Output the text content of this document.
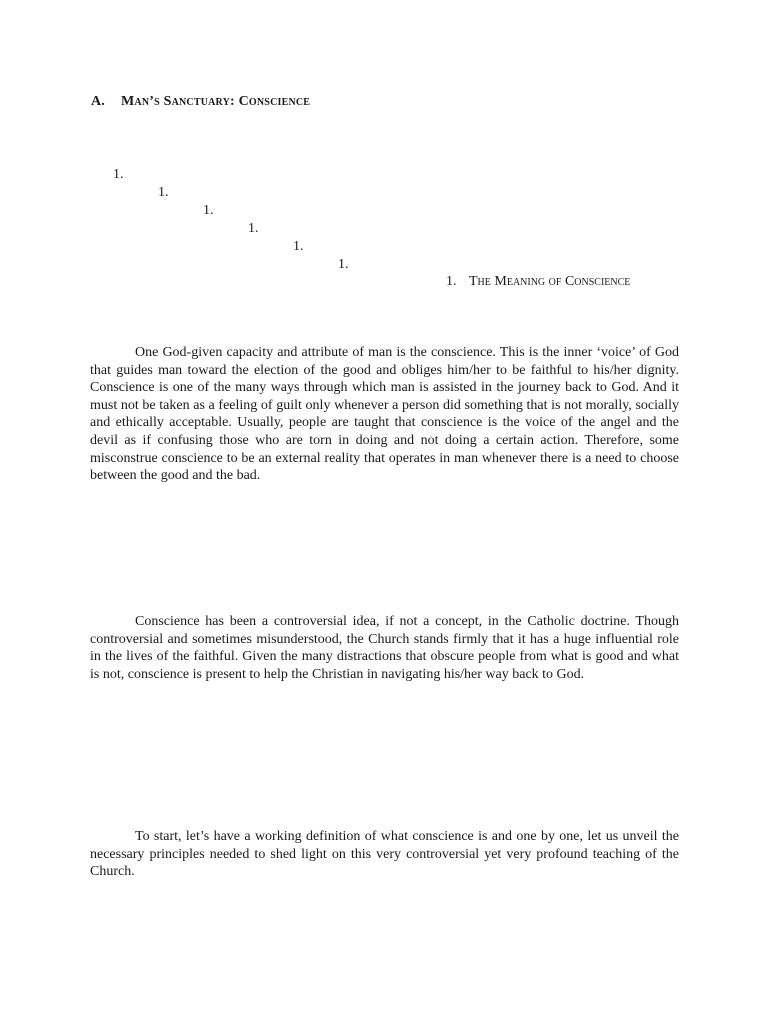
A. Man’s Sanctuary: Conscience
1.
1.
1.
1.
1.
1.
1. The Meaning of Conscience

One God-given capacity and attribute of man is the conscience. This is the inner ‘voice’ of God that guides man toward the election of the good and obliges him/her to be faithful to his/her dignity. Conscience is one of the many ways through which man is assisted in the journey back to God. And it must not be taken as a feeling of guilt only whenever a person did something that is not morally, socially and ethically acceptable. Usually, people are taught that conscience is the voice of the angel and the devil as if confusing those who are torn in doing and not doing a certain action. Therefore, some misconstrue conscience to be an external reality that operates in man whenever there is a need to choose between the good and the bad.

Conscience has been a controversial idea, if not a concept, in the Catholic doctrine. Though controversial and sometimes misunderstood, the Church stands firmly that it has a huge influential role in the lives of the faithful. Given the many distractions that obscure people from what is good and what is not, conscience is present to help the Christian in navigating his/her way back to God.

To start, let’s have a working definition of what conscience is and one by one, let us unveil the necessary principles needed to shed light on this very controversial yet very profound teaching of the Church.
